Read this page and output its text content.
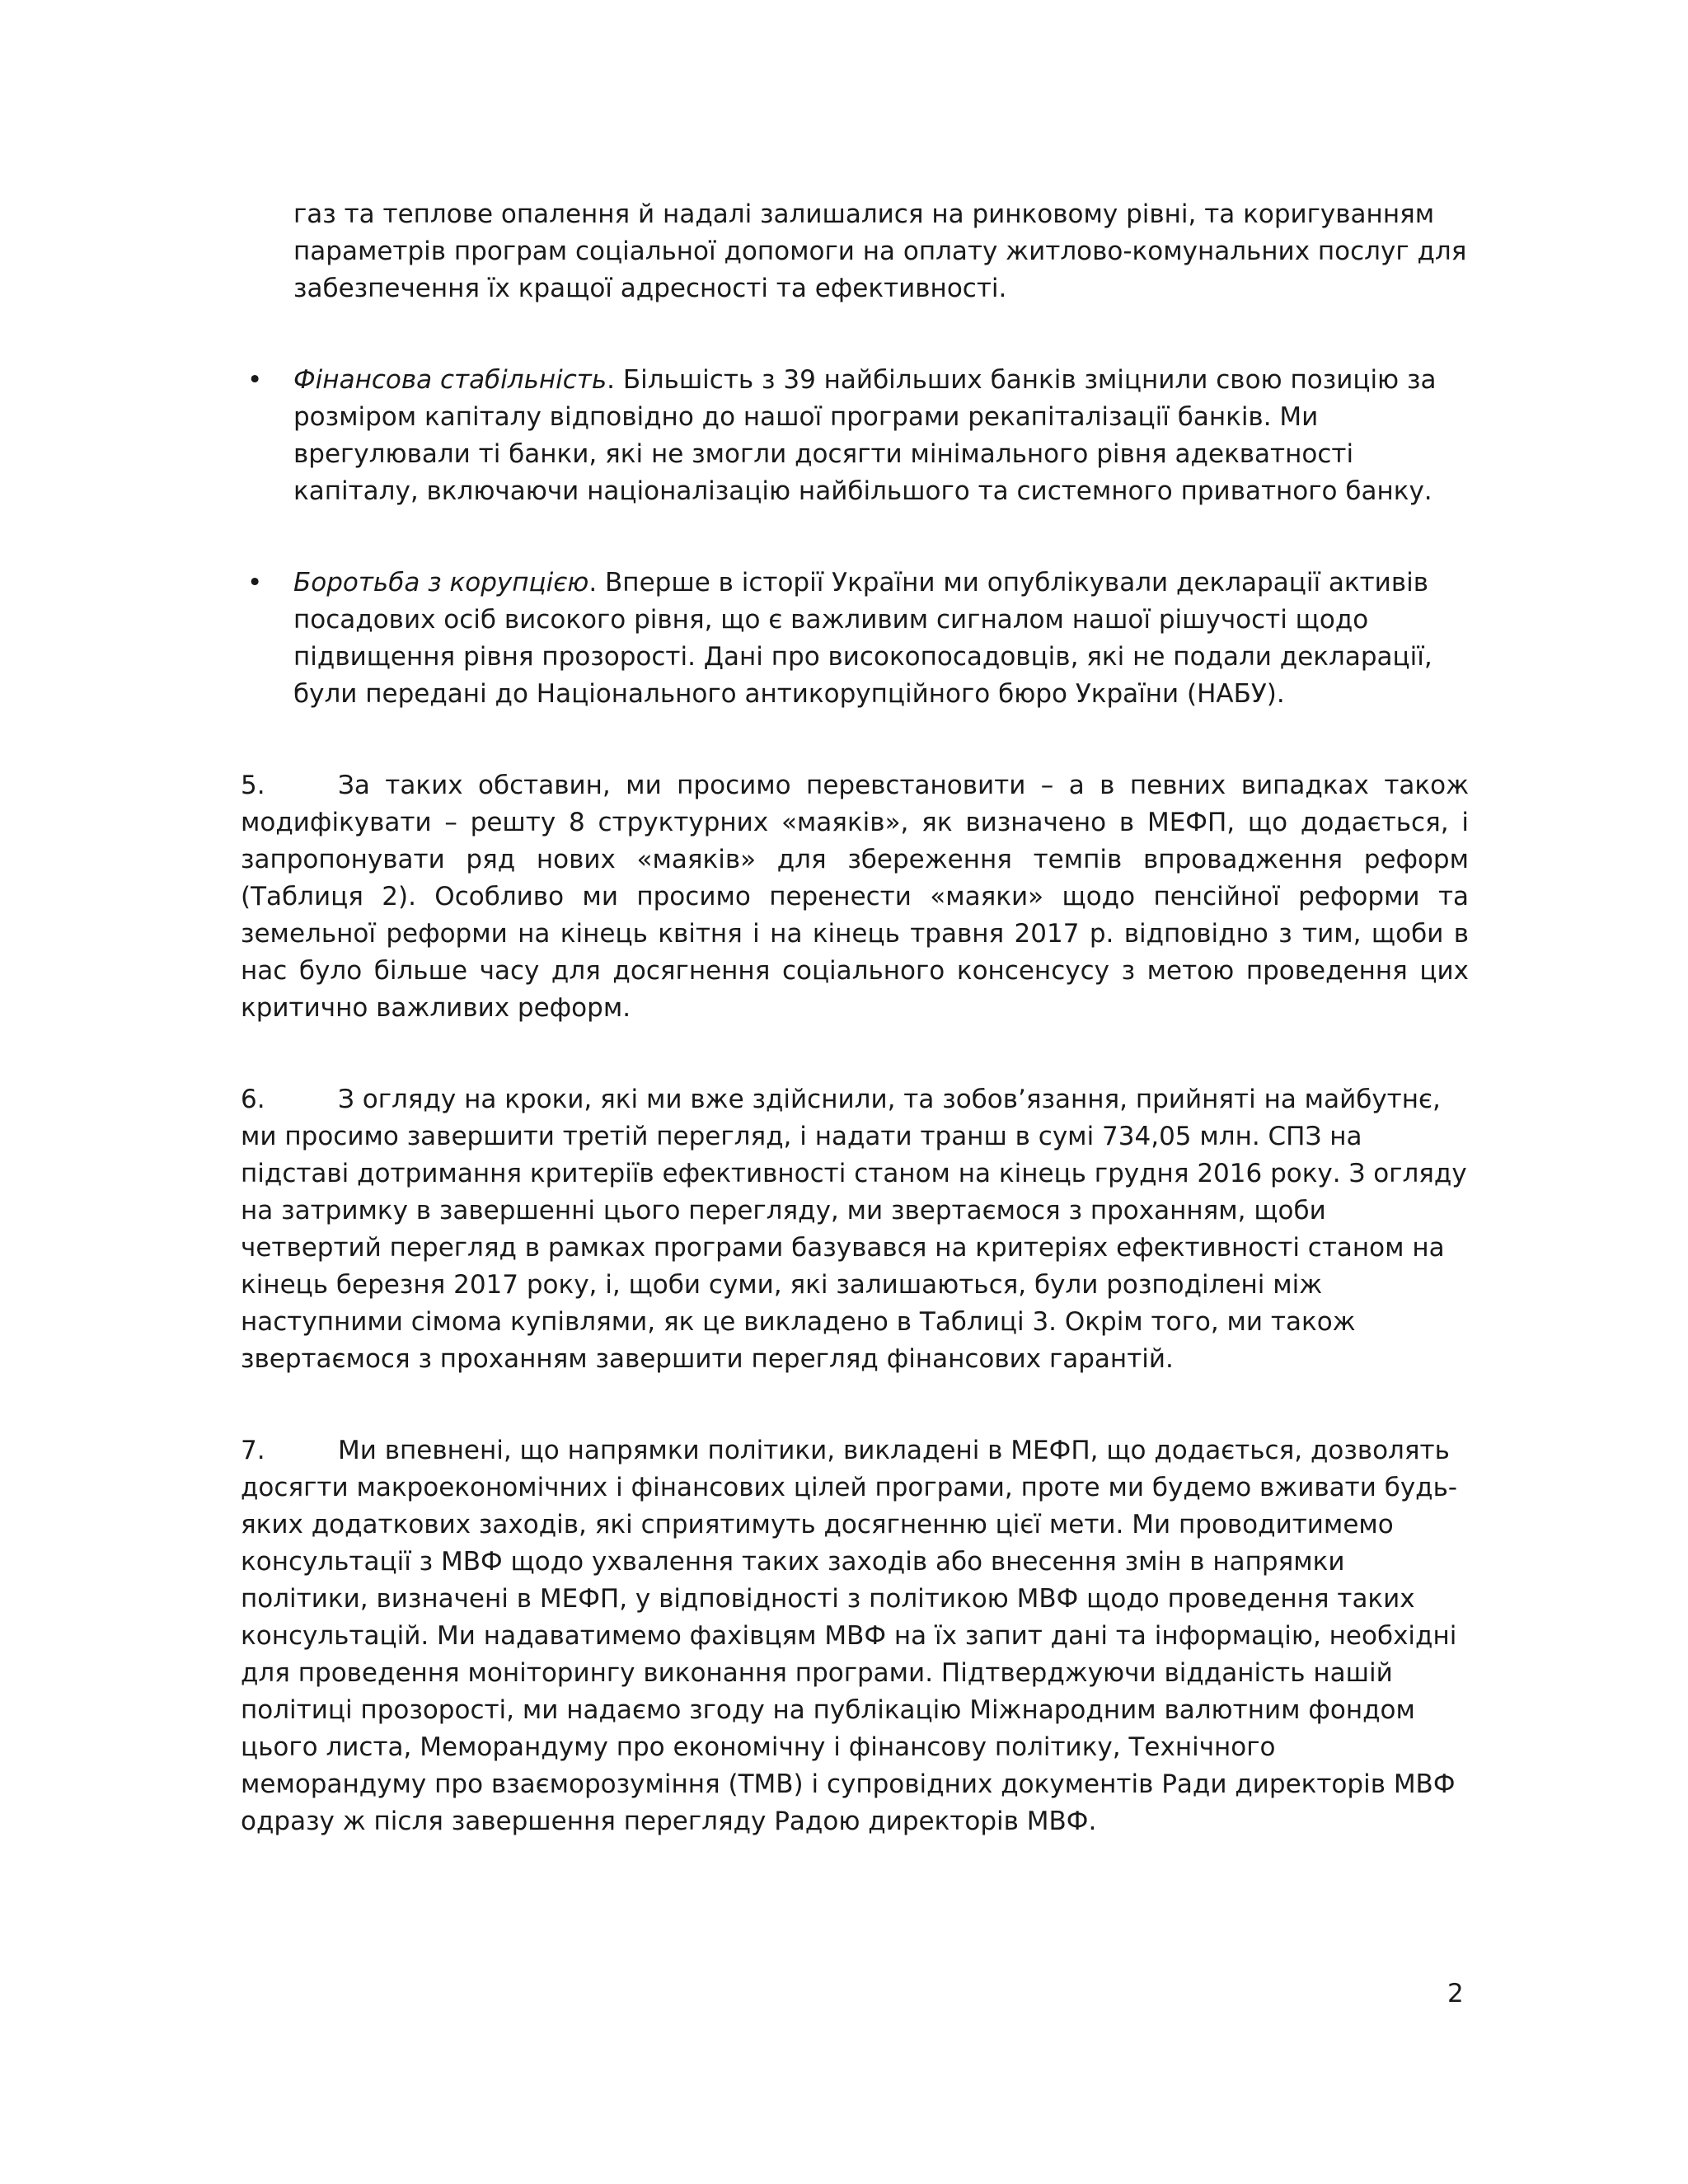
газ та теплове опалення й надалі залишалися на ринковому рівні, та коригуванням параметрів програм соціальної допомоги на оплату житлово-комунальних послуг для забезпечення їх кращої адресності та ефективності.

• Фінансова стабільність. Більшість з 39 найбільших банків зміцнили свою позицію за розміром капіталу відповідно до нашої програми рекапіталізації банків. Ми врегулювали ті банки, які не змогли досягти мінімального рівня адекватності капіталу, включаючи націоналізацію найбільшого та системного приватного банку.
• Боротьба з корупцією. Вперше в історії України ми опублікували декларації активів посадових осіб високого рівня, що є важливим сигналом нашої рішучості щодо підвищення рівня прозорості. Дані про високопосадовців, які не подали декларації, були передані до Національного антикорупційного бюро України (НАБУ).

5.	За таких обставин, ми просимо перевстановити – а в певних випадках також модифікувати – решту 8 структурних «маяків», як визначено в МЕФП, що додається, і запропонувати ряд нових «маяків» для збереження темпів впровадження реформ (Таблиця 2). Особливо ми просимо перенести «маяки» щодо пенсійної реформи та земельної реформи на кінець квітня і на кінець травня 2017 р. відповідно з тим, щоби в нас було більше часу для досягнення соціального консенсусу з метою проведення цих критично важливих реформ.

6.	З огляду на кроки, які ми вже здійснили, та зобов’язання, прийняті на майбутнє, ми просимо завершити третій перегляд, і надати транш в сумі 734,05 млн. СПЗ на підставі дотримання критеріїв ефективності станом на кінець грудня 2016 року. З огляду на затримку в завершенні цього перегляду, ми звертаємося з проханням, щоби четвертий перегляд в рамках програми базувався на критеріях ефективності станом на кінець березня 2017 року, і, щоби суми, які залишаються, були розподілені між наступними сімома купівлями, як це викладено в Таблиці 3. Окрім того, ми також звертаємося з проханням завершити перегляд фінансових гарантій.

7.	Ми впевнені, що напрямки політики, викладені в МЕФП, що додається, дозволять досягти макроекономічних і фінансових цілей програми, проте ми будемо вживати будь-яких додаткових заходів, які сприятимуть досягненню цієї мети. Ми проводитимемо консультації з МВФ щодо ухвалення таких заходів або внесення змін в напрямки політики, визначені в МЕФП, у відповідності з політикою МВФ щодо проведення таких консультацій. Ми надаватимемо фахівцям МВФ на їх запит дані та інформацію, необхідні для проведення моніторингу виконання програми. Підтверджуючи відданість нашій політиці прозорості, ми надаємо згоду на публікацію Міжнародним валютним фондом цього листа, Меморандуму про економічну і фінансову політику, Технічного меморандуму про взаєморозуміння (ТМВ) і супровідних документів Ради директорів МВФ одразу ж після завершення перегляду Радою директорів МВФ.

2
